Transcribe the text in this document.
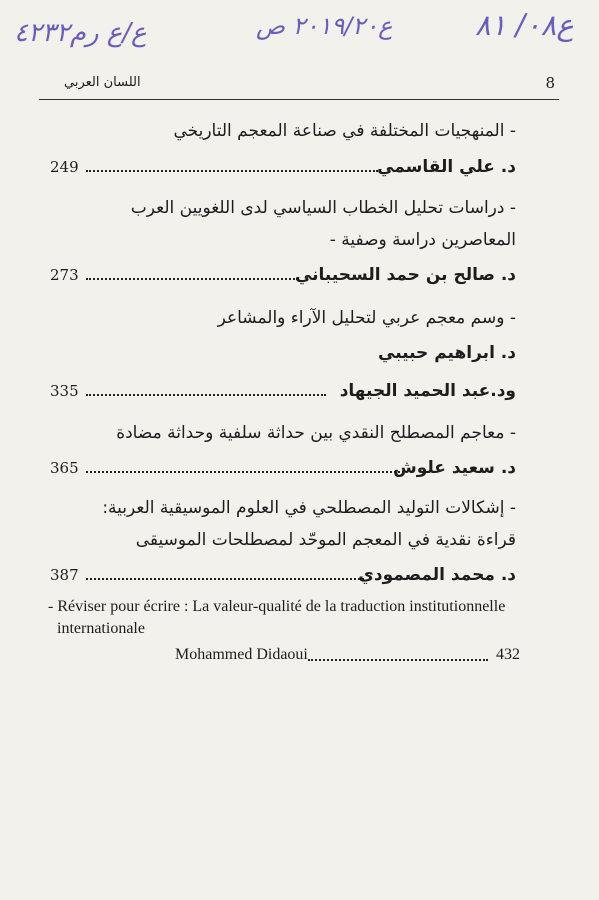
ﻉ/ﻉ ﺭﻡ٤٢٣٢	ﻉ٢٠١٩/٢٠ ﺹ	ﻉ٠٨/ ٨١
اللسان العربي	8
- المنهجيات المختلفة في صناعة المعجم التاريخي
249	د. علي القاسمي
- دراسات تحليل الخطاب السياسي لدى اللغويين العرب المعاصرين دراسة وصفية -
273	د. صالح بن حمد السحيباني
- وسم معجم عربي لتحليل الآراء والمشاعر
د. ابراهيم حبيبي
335	ود.عبد الحميد الجيهاد
- معاجم المصطلح النقدي بين حداثة سلفية وحداثة مضادة
365	د. سعيد علوش
- إشكالات التوليد المصطلحي في العلوم الموسيقية العربية: قراءة نقدية في المعجم الموحّد لمصطلحات الموسيقى
387	د. محمد المصمودي
- Réviser pour écrire : La valeur-qualité de la traduction institutionnelle internationale
Mohammed Didaoui	432
